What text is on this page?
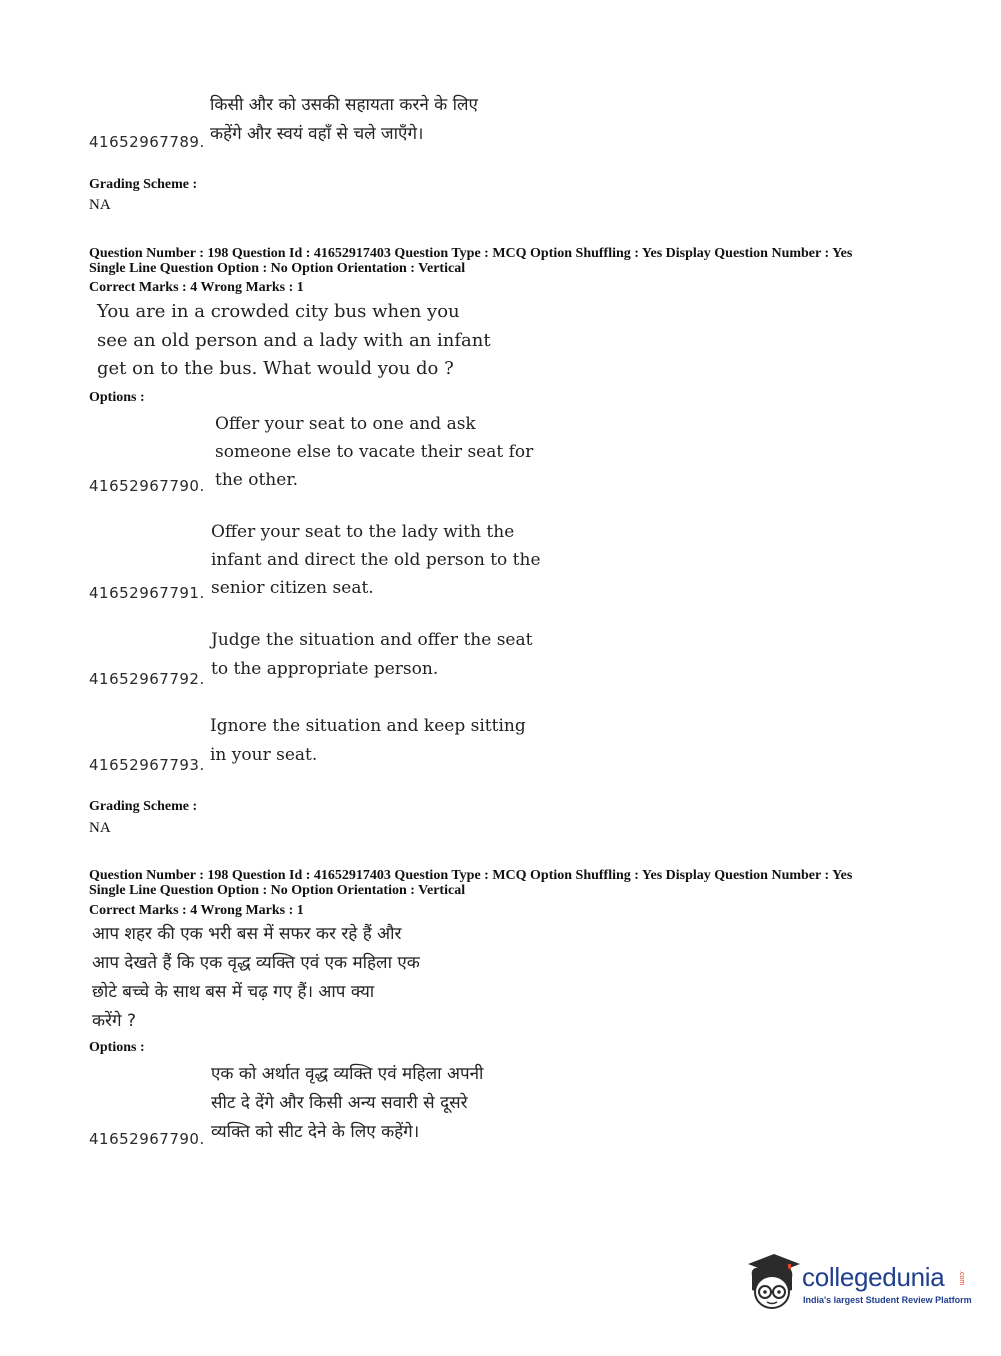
किसी और को उसकी सहायता करने के लिए
कहेंगे और स्वयं वहाँ से चले जाएँगे।
41652967789.
Grading Scheme :
NA
Question Number : 198 Question Id : 41652917403 Question Type : MCQ Option Shuffling : Yes Display Question Number : Yes
Single Line Question Option : No Option Orientation : Vertical
Correct Marks : 4 Wrong Marks : 1
You are in a crowded city bus when you
see an old person and a lady with an infant
get on to the bus. What would you do ?
Options :
Offer your seat to one and ask
someone else to vacate their seat for
the other.
41652967790.
Offer your seat to the lady with the
infant and direct the old person to the
senior citizen seat.
41652967791.
Judge the situation and offer the seat
to the appropriate person.
41652967792.
Ignore the situation and keep sitting
in your seat.
41652967793.
Grading Scheme :
NA
Question Number : 198 Question Id : 41652917403 Question Type : MCQ Option Shuffling : Yes Display Question Number : Yes
Single Line Question Option : No Option Orientation : Vertical
Correct Marks : 4 Wrong Marks : 1
आप शहर की एक भरी बस में सफर कर रहे हैं और
आप देखते हैं कि एक वृद्ध व्यक्ति एवं एक महिला एक
छोटे बच्चे के साथ बस में चढ़ गए हैं। आप क्या
करेंगे ?
Options :
एक को अर्थात वृद्ध व्यक्ति एवं महिला अपनी
सीट दे देंगे और किसी अन्य सवारी से दूसरे
व्यक्ति को सीट देने के लिए कहेंगे।
41652967790.
collegedunia .com
India's largest Student Review Platform
